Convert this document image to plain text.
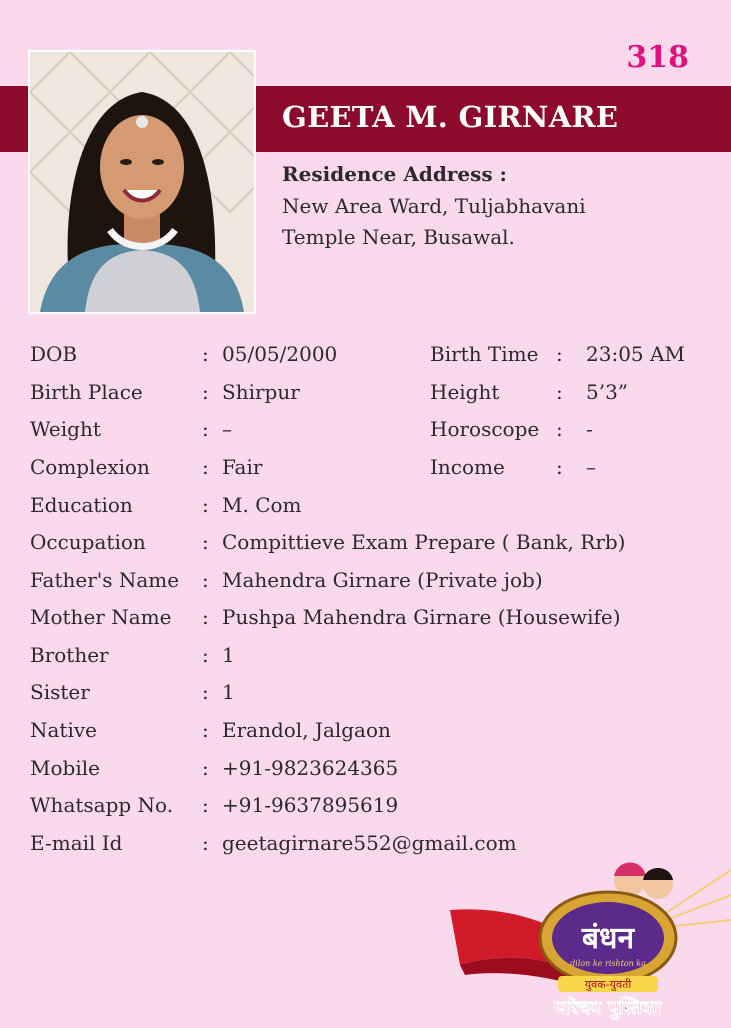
318
GEETA M. GIRNARE
Residence Address :
New Area Ward, Tuljabhavani
Temple Near, Busawal.
DOB	: 05/05/2000	Birth Time : 23:05 AM
Birth Place	: Shirpur	Height	: 5’3”
Weight	: –	Horoscope : -
Complexion	: Fair	Income	: –
Education	: M. Com
Occupation	: Compittieve Exam Prepare ( Bank, Rrb)
Father's Name : Mahendra Girnare (Private job)
Mother Name : Pushpa Mahendra Girnare (Housewife)
Brother	: 1
Sister	: 1
Native	: Erandol, Jalgaon
Mobile	: +91-9823624365
Whatsapp No. : +91-9637895619
E-mail Id	: geetagirnare552@gmail.com
बंधन
dilon ke rishton ka
युवक-युवती
परिचय पुस्तिका
